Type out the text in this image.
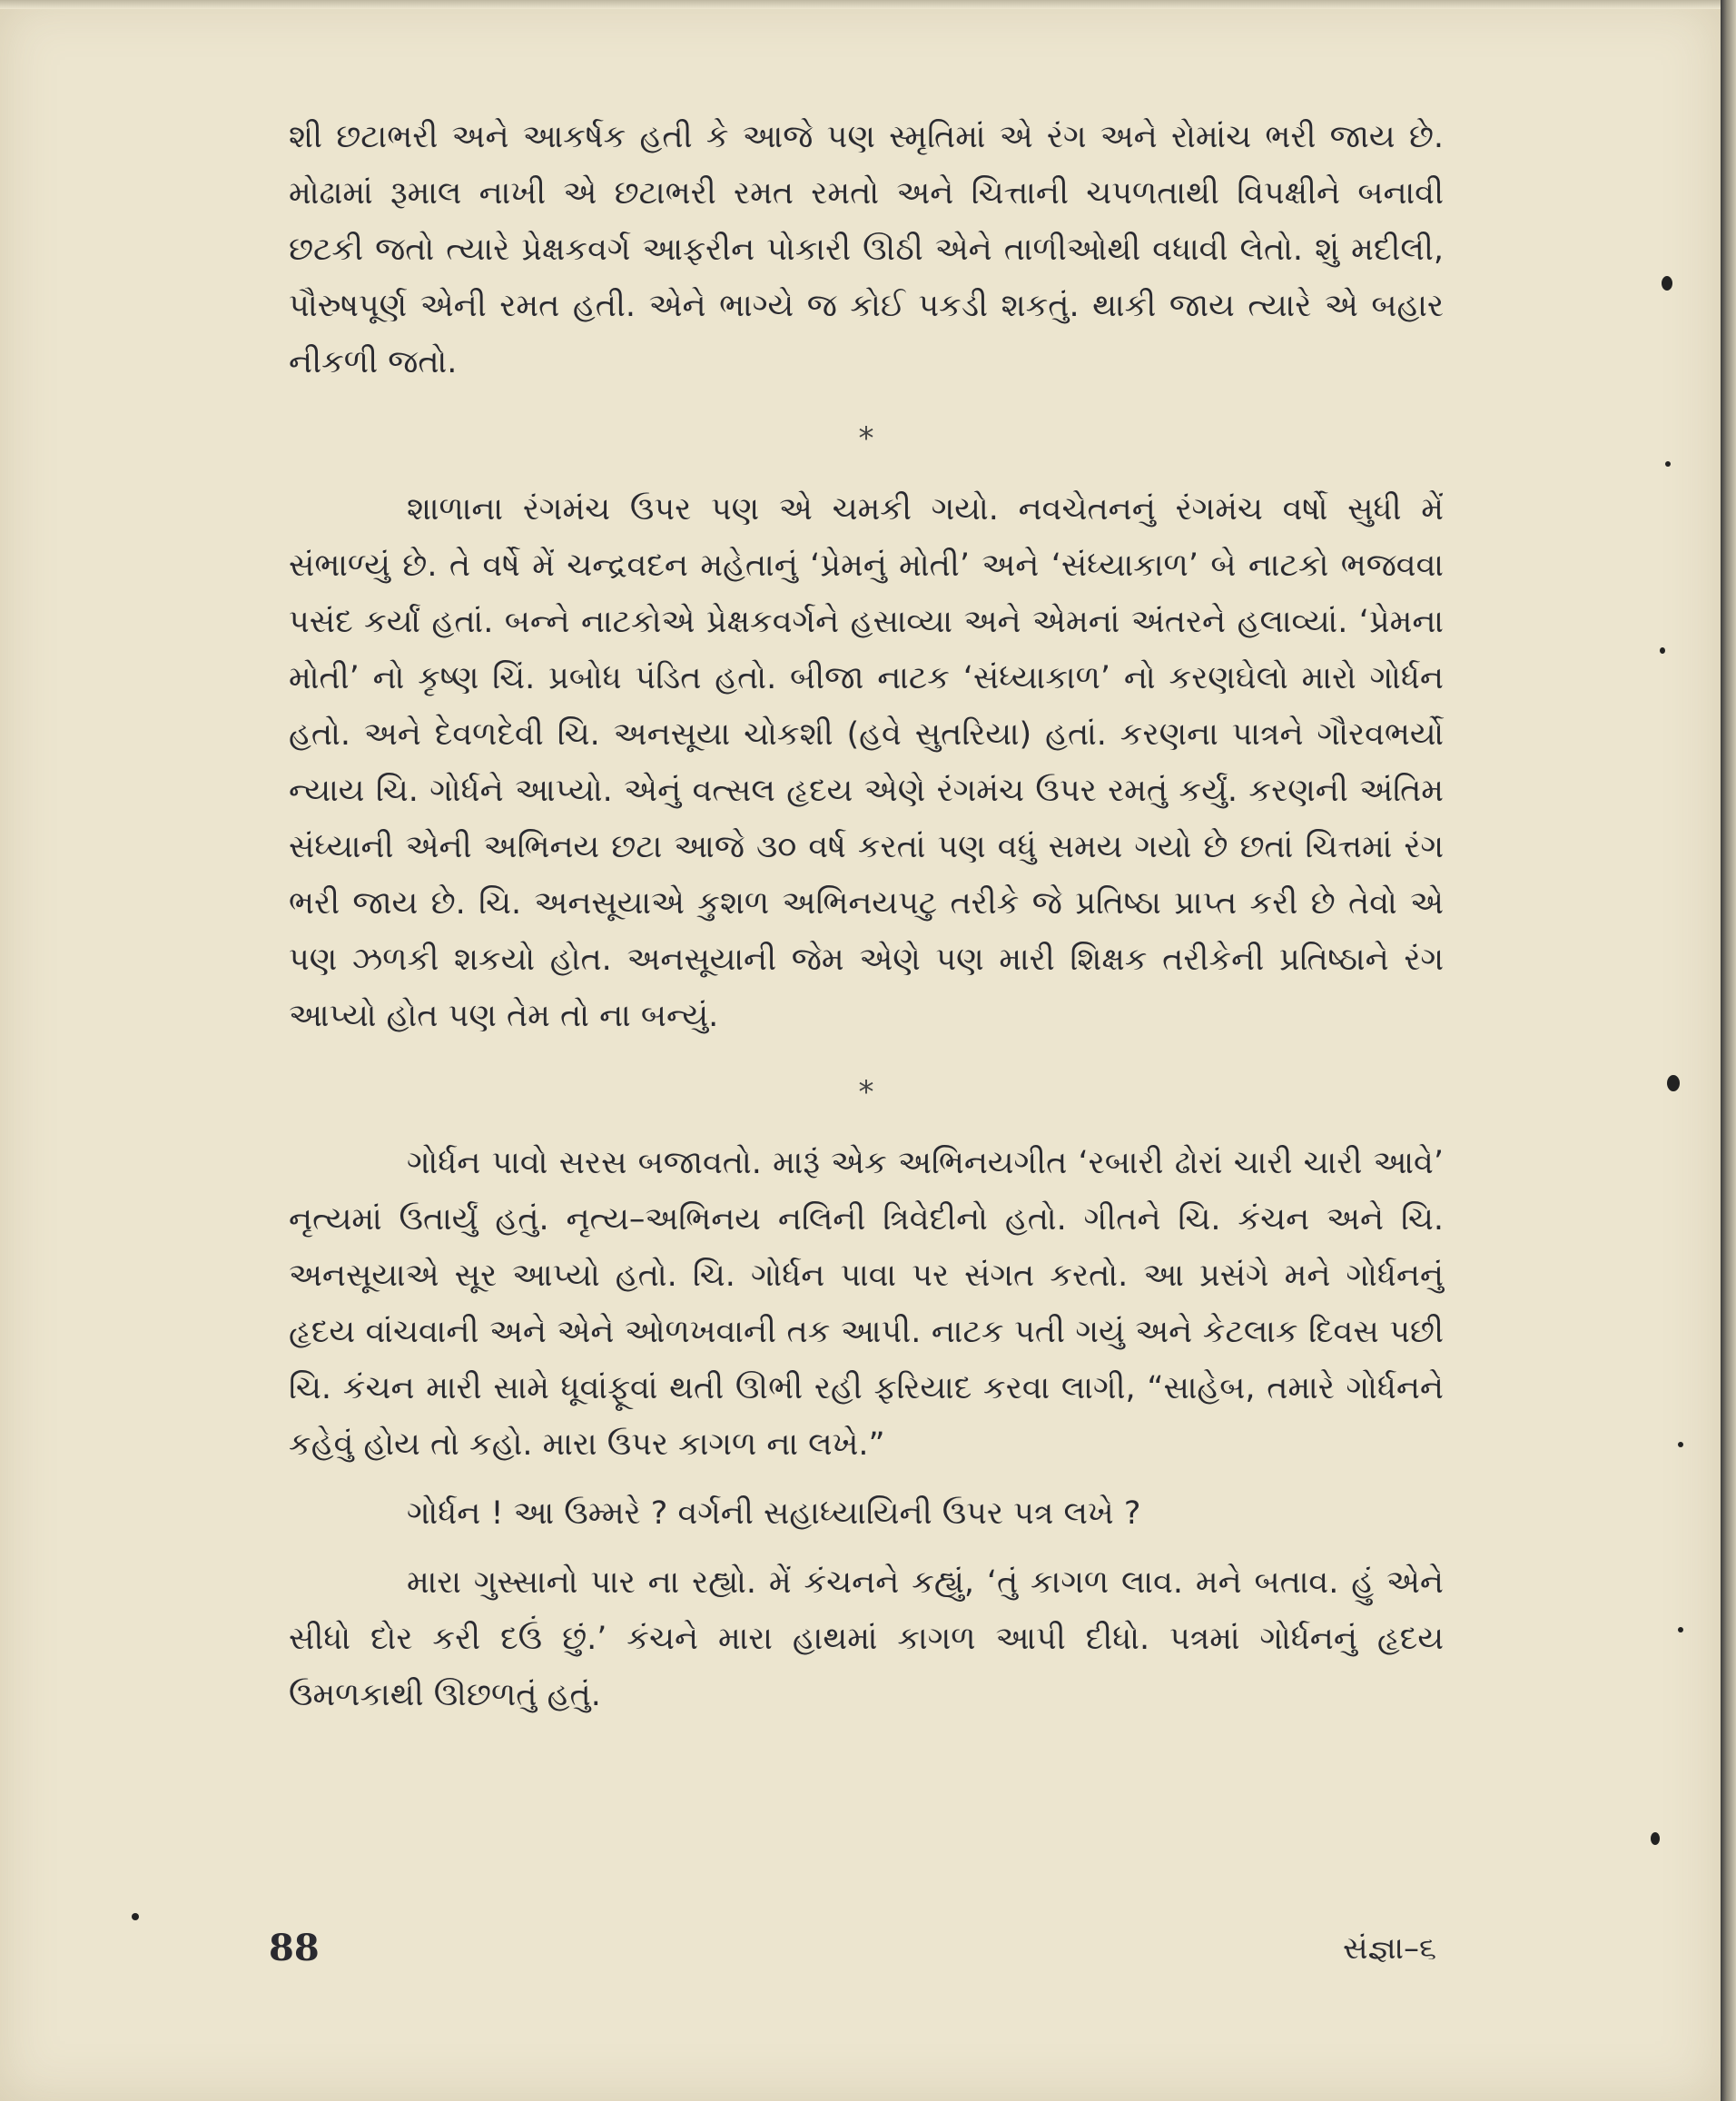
શી છટાભરી અને આકર્ષક હતી કે આજે પણ સ્મૃતિમાં એ રંગ અને રોમાંચ ભરી જાય છે. મોઢામાં રૂમાલ નાખી એ છટાભરી રમત રમતો અને ચિત્તાની ચપળતાથી વિપક્ષીને બનાવી છટકી જતો ત્યારે પ્રેક્ષકવર્ગ આફરીન પોકારી ઊઠી એને તાળીઓથી વધાવી લેતો. શું મદીલી, પૌરુષપૂર્ણ એની રમત હતી. એને ભાગ્યે જ કોઈ પકડી શકતું. થાકી જાય ત્યારે એ બહાર નીકળી જતો.

*

શાળાના રંગમંચ ઉપર પણ એ ચમકી ગયો. નવચેતનનું રંગમંચ વર્ષો સુધી મેં સંભાળ્યું છે. તે વર્ષે મેં ચન્દ્રવદન મહેતાનું ‘પ્રેમનું મોતી’ અને ‘સંધ્યાકાળ’ બે નાટકો ભજવવા પસંદ કર્યાં હતાં. બન્ને નાટકોએ પ્રેક્ષકવર્ગને હસાવ્યા અને એમનાં અંતરને હલાવ્યાં. ‘પ્રેમના મોતી’ નો કૃષ્ણ ચિં. પ્રબોધ પંડિત હતો. બીજા નાટક ‘સંધ્યાકાળ’ નો કરણઘેલો મારો ગોર્ધન હતો. અને દેવળદેવી ચિ. અનસૂયા ચોકશી (હવે સુતરિયા) હતાં. કરણના પાત્રને ગૌરવભર્યો ન્યાય ચિ. ગોર્ધને આપ્યો. એનું વત્સલ હૃદય એણે રંગમંચ ઉપર રમતું કર્યું. કરણની અંતિમ સંધ્યાની એની અભિનય છટા આજે ૩૦ વર્ષ કરતાં પણ વધું સમય ગયો છે છતાં ચિત્તમાં રંગ ભરી જાય છે. ચિ. અનસૂયાએ કુશળ અભિનયપટુ તરીકે જે પ્રતિષ્ઠા પ્રાપ્ત કરી છે તેવો એ પણ ઝળકી શકયો હોત. અનસૂયાની જેમ એણે પણ મારી શિક્ષક તરીકેની પ્રતિષ્ઠાને રંગ આપ્યો હોત પણ તેમ તો ના બન્યું.

*

ગોર્ધન પાવો સરસ બજાવતો. મારૂં એક અભિનયગીત ‘રબારી ઢોરાં ચારી ચારી આવે’ નૃત્યમાં ઉતાર્યું હતું. નૃત્ય–અભિનય નલિની ત્રિવેદીનો હતો. ગીતને ચિ. કંચન અને ચિ. અનસૂયાએ સૂર આપ્યો હતો. ચિ. ગોર્ધન પાવા પર સંગત કરતો. આ પ્રસંગે મને ગોર્ધનનું હૃદય વાંચવાની અને એને ઓળખવાની તક આપી. નાટક પતી ગયું અને કેટલાક દિવસ પછી ચિ. કંચન મારી સામે ધૂવાંફૂવાં થતી ઊભી રહી ફરિયાદ કરવા લાગી, “સાહેબ, તમારે ગોર્ધનને કહેવું હોય તો કહો. મારા ઉપર કાગળ ના લખે.”

ગોર્ધન ! આ ઉમ્મરે ? વર્ગની સહાધ્યાયિની ઉપર પત્ર લખે ?

મારા ગુસ્સાનો પાર ના રહ્યો. મેં કંચનને કહ્યું, ‘તું કાગળ લાવ. મને બતાવ. હું એને સીધો દોર કરી દઉં છું.’ કંચને મારા હાથમાં કાગળ આપી દીધો. પત્રમાં ગોર્ધનનું હૃદય ઉમળકાથી ઊછળતું હતું.

88	સંજ્ઞા–૬
